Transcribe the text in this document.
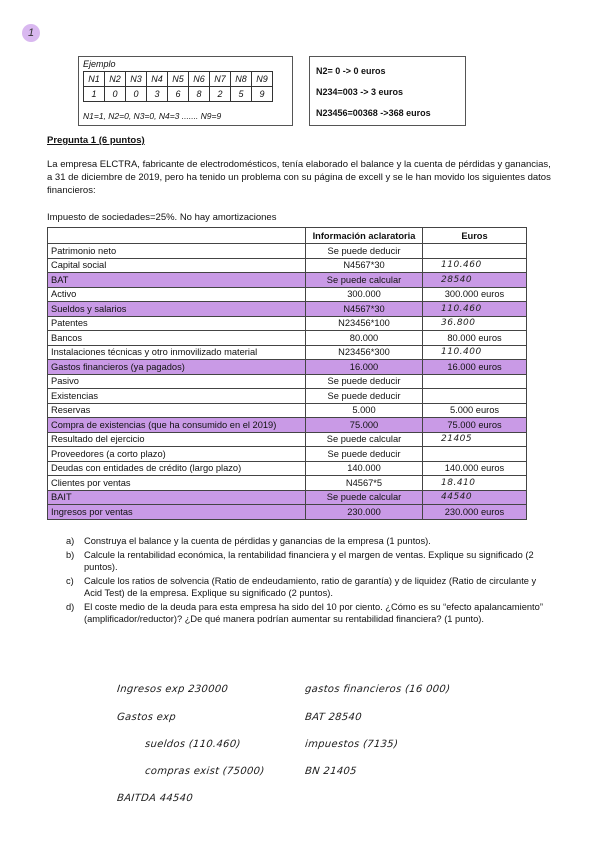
1
Ejemplo
N1	N2	N3	N4	N5	N6	N7	N8	N9
1	0	0	3	6	8	2	5	9
N1=1, N2=0, N3=0, N4=3 ....... N9=9
N2= 0 -> 0 euros
N234=003 -> 3 euros
N23456=00368 ->368 euros
Pregunta 1 (6 puntos)
La empresa ELCTRA, fabricante de electrodomésticos, tenía elaborado el balance y la cuenta de pérdidas y ganancias, a 31 de diciembre de 2019, pero ha tenido un problema con su página de excell y se le han movido los siguientes datos financieros:
Impuesto de sociedades=25%. No hay amortizaciones
	Información aclaratoria	Euros
Patrimonio neto	Se puede deducir	
Capital social	N4567*30	110.460
BAT	Se puede calcular	28540
Activo	300.000	300.000 euros
Sueldos y salarios	N4567*30	110.460
Patentes	N23456*100	36.800
Bancos	80.000	80.000 euros
Instalaciones técnicas y otro inmovilizado material	N23456*300	110.400
Gastos financieros (ya pagados)	16.000	16.000 euros
Pasivo	Se puede deducir	
Existencias	Se puede deducir	
Reservas	5.000	5.000 euros
Compra de existencias (que ha consumido en el 2019)	75.000	75.000 euros
Resultado del ejercicio	Se puede calcular	21405
Proveedores (a corto plazo)	Se puede deducir	
Deudas con entidades de crédito (largo plazo)	140.000	140.000 euros
Clientes por ventas	N4567*5	18.410
BAIT	Se puede calcular	44540
Ingresos por ventas	230.000	230.000 euros
a)	Construya el balance y la cuenta de pérdidas y ganancias de la empresa (1 puntos).
b)	Calcule la rentabilidad económica, la rentabilidad financiera y el margen de ventas. Explique su significado (2 puntos).
c)	Calcule los ratios de solvencia (Ratio de endeudamiento, ratio de garantía) y de liquidez (Ratio de circulante y Acid Test) de la empresa. Explique su significado (2 puntos).
d)	El coste medio de la deuda para esta empresa ha sido del 10 por ciento. ¿Cómo es su “efecto apalancamiento” (amplificador/reductor)? ¿De qué manera podrían aumentar su rentabilidad financiera? (1 punto).
Ingresos exp 230000
Gastos exp
sueldos (110.460)
compras exist (75000)
BAITDA 44540
gastos financieros (16 000)
BAT 28540
impuestos (7135)
BN 21405
